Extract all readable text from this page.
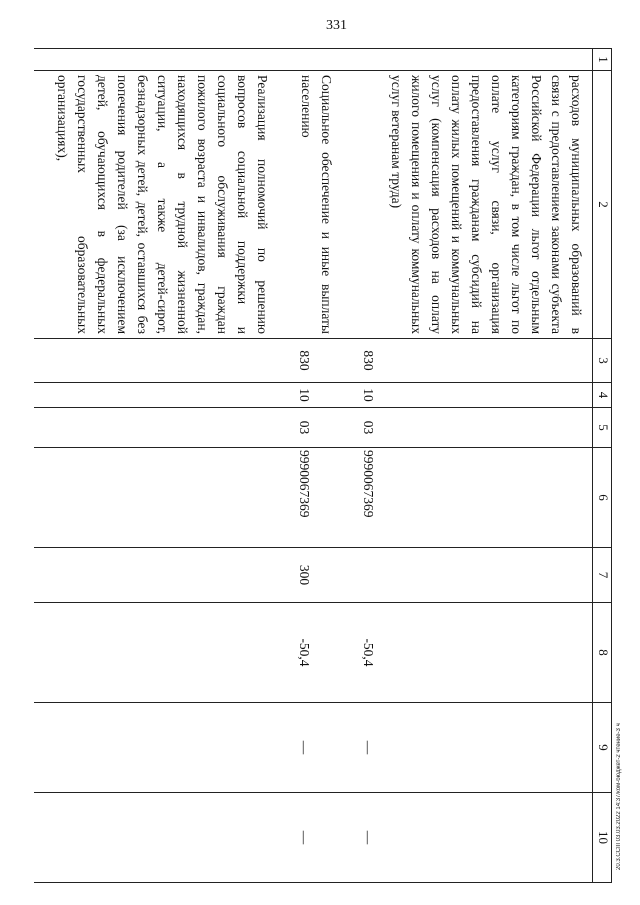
331
20.3.CCIII 03.03.2022 14:37/ком-бюджет-2 чтение-3 ч
1	2	3	4	5	6	7	8	9	10
	расходов муниципальных образований в связи с предоставлением законами субъекта Российской Федерации льгот отдельным категориям граждан, в том числе льгот по оплате услуг связи, организация предоставления гражданам субсидий на оплату жилых помещений и коммунальных услуг (компенсация расходов на оплату жилого помещения и оплату коммунальных услуг ветеранам труда)	830	10	03	9990067369		-50,4	—	—
	Социальное обеспечение и иные выплаты населению	830	10	03	9990067369	300	-50,4	—	—
	Реализация полномочий по решению вопросов социальной поддержки и социального обслуживания граждан пожилого возраста и инвалидов, граждан, находящихся в трудной жизненной ситуации, а также детей-сирот, безнадзорных детей, детей, оставшихся без попечения родителей (за исключением детей, обучающихся в федеральных государственных образовательных организациях),								
